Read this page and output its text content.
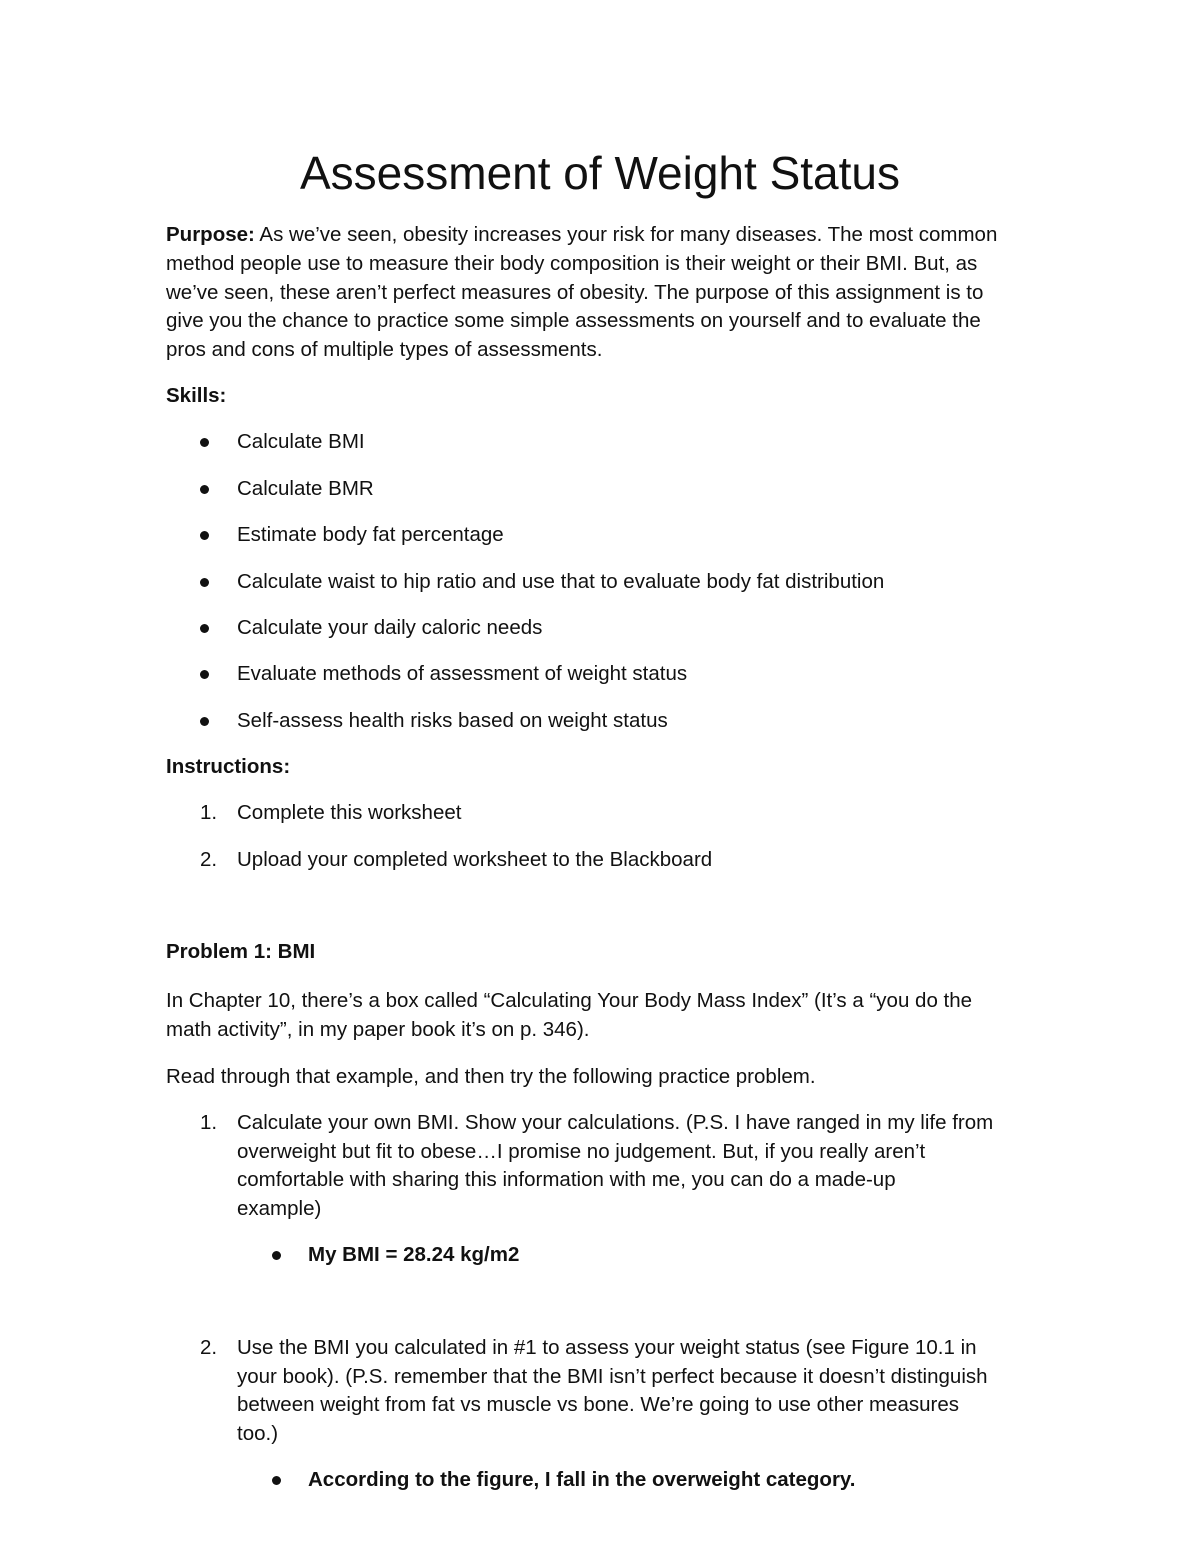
Assessment of Weight Status
Purpose: As we’ve seen, obesity increases your risk for many diseases. The most common
method people use to measure their body composition is their weight or their BMI. But, as
we’ve seen, these aren’t perfect measures of obesity. The purpose of this assignment is to
give you the chance to practice some simple assessments on yourself and to evaluate the
pros and cons of multiple types of assessments.
Skills:
Calculate BMI
Calculate BMR
Estimate body fat percentage
Calculate waist to hip ratio and use that to evaluate body fat distribution
Calculate your daily caloric needs
Evaluate methods of assessment of weight status
Self-assess health risks based on weight status
Instructions:
1. Complete this worksheet
2. Upload your completed worksheet to the Blackboard
Problem 1: BMI
In Chapter 10, there’s a box called “Calculating Your Body Mass Index” (It’s a “you do the
math activity”, in my paper book it’s on p. 346).
Read through that example, and then try the following practice problem.
1. Calculate your own BMI. Show your calculations. (P.S. I have ranged in my life from
overweight but fit to obese…I promise no judgement. But, if you really aren’t
comfortable with sharing this information with me, you can do a made-up
example)
My BMI = 28.24 kg/m2
2. Use the BMI you calculated in #1 to assess your weight status (see Figure 10.1 in
your book). (P.S. remember that the BMI isn’t perfect because it doesn’t distinguish
between weight from fat vs muscle vs bone. We’re going to use other measures
too.)
According to the figure, I fall in the overweight category.
